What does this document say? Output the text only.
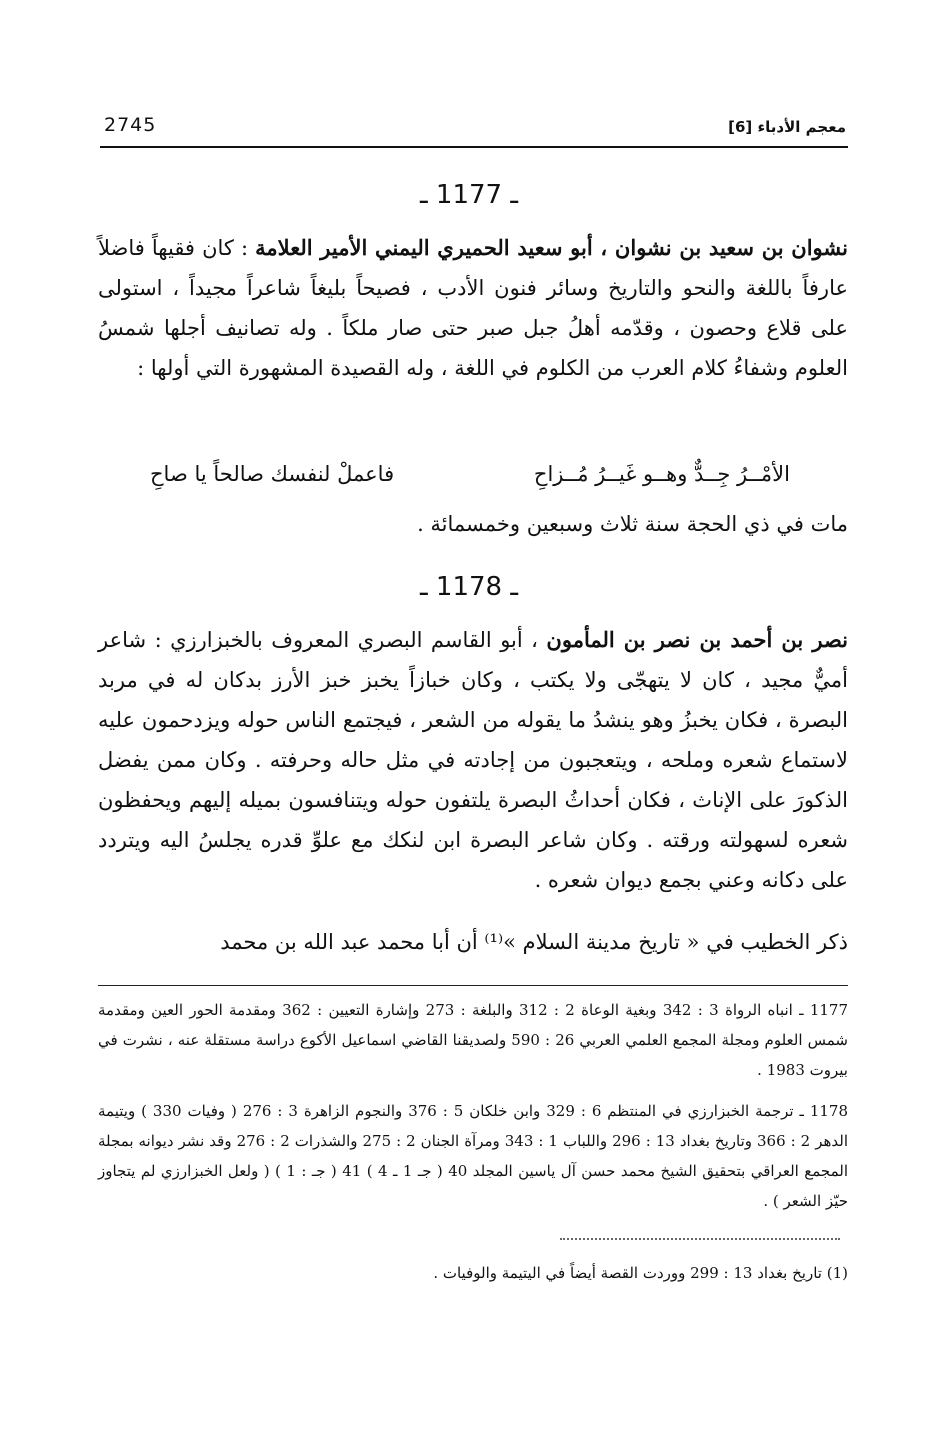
2745	معجم الأدباء [6]
ـ 1177 ـ
نشوان بن سعيد بن نشوان ، أبو سعيد الحميري اليمني الأمير العلامة : كان فقيهاً فاضلاً عارفاً باللغة والنحو والتاريخ وسائر فنون الأدب ، فصيحاً بليغاً شاعراً مجيداً ، استولى على قلاع وحصون ، وقدّمه أهلُ جبل صبر حتى صار ملكاً . وله تصانيف أجلها شمسُ العلوم وشفاءُ كلام العرب من الكلوم في اللغة ، وله القصيدة المشهورة التي أولها :
الأمْــرُ جِــدٌّ وهــو غَيــرُ مُــزاحِ
فاعملْ لنفسك صالحاً يا صاحِ
مات في ذي الحجة سنة ثلاث وسبعين وخمسمائة .
ـ 1178 ـ
نصر بن أحمد بن نصر بن المأمون ، أبو القاسم البصري المعروف بالخبزارزي : شاعر أميٌّ مجيد ، كان لا يتهجّى ولا يكتب ، وكان خبازاً يخبز خبز الأرز بدكان له في مربد البصرة ، فكان يخبزُ وهو ينشدُ ما يقوله من الشعر ، فيجتمع الناس حوله ويزدحمون عليه لاستماع شعره وملحه ، ويتعجبون من إجادته في مثل حاله وحرفته . وكان ممن يفضل الذكورَ على الإناث ، فكان أحداثُ البصرة يلتفون حوله ويتنافسون بميله إليهم ويحفظون شعره لسهولته ورقته . وكان شاعر البصرة ابن لنكك مع علوِّ قدره يجلسُ اليه ويتردد على دكانه وعني بجمع ديوان شعره .
ذكر الخطيب في « تاريخ مدينة السلام »⁽¹⁾ أن أبا محمد عبد الله بن محمد
1177 ـ انباه الرواة 3 : 342 وبغية الوعاة 2 : 312 والبلغة : 273 وإشارة التعيين : 362 ومقدمة الحور العين ومقدمة شمس العلوم ومجلة المجمع العلمي العربي 26 : 590 ولصديقنا القاضي اسماعيل الأكوع دراسة مستقلة عنه ، نشرت في بيروت 1983 .
1178 ـ ترجمة الخبزارزي في المنتظم 6 : 329 وابن خلكان 5 : 376 والنجوم الزاهرة 3 : 276 ( وفيات 330 ) ويتيمة الدهر 2 : 366 وتاريخ بغداد 13 : 296 واللباب 1 : 343 ومرآة الجنان 2 : 275 والشذرات 2 : 276 وقد نشر ديوانه بمجلة المجمع العراقي بتحقيق الشيخ محمد حسن آل ياسين المجلد 40 ( جـ 1 ـ 4 ) 41 ( جـ : 1 ) ( ولعل الخبزارزي لم يتجاوز حيّز الشعر ) .
(1) تاريخ بغداد 13 : 299 ووردت القصة أيضاً في اليتيمة والوفيات .
